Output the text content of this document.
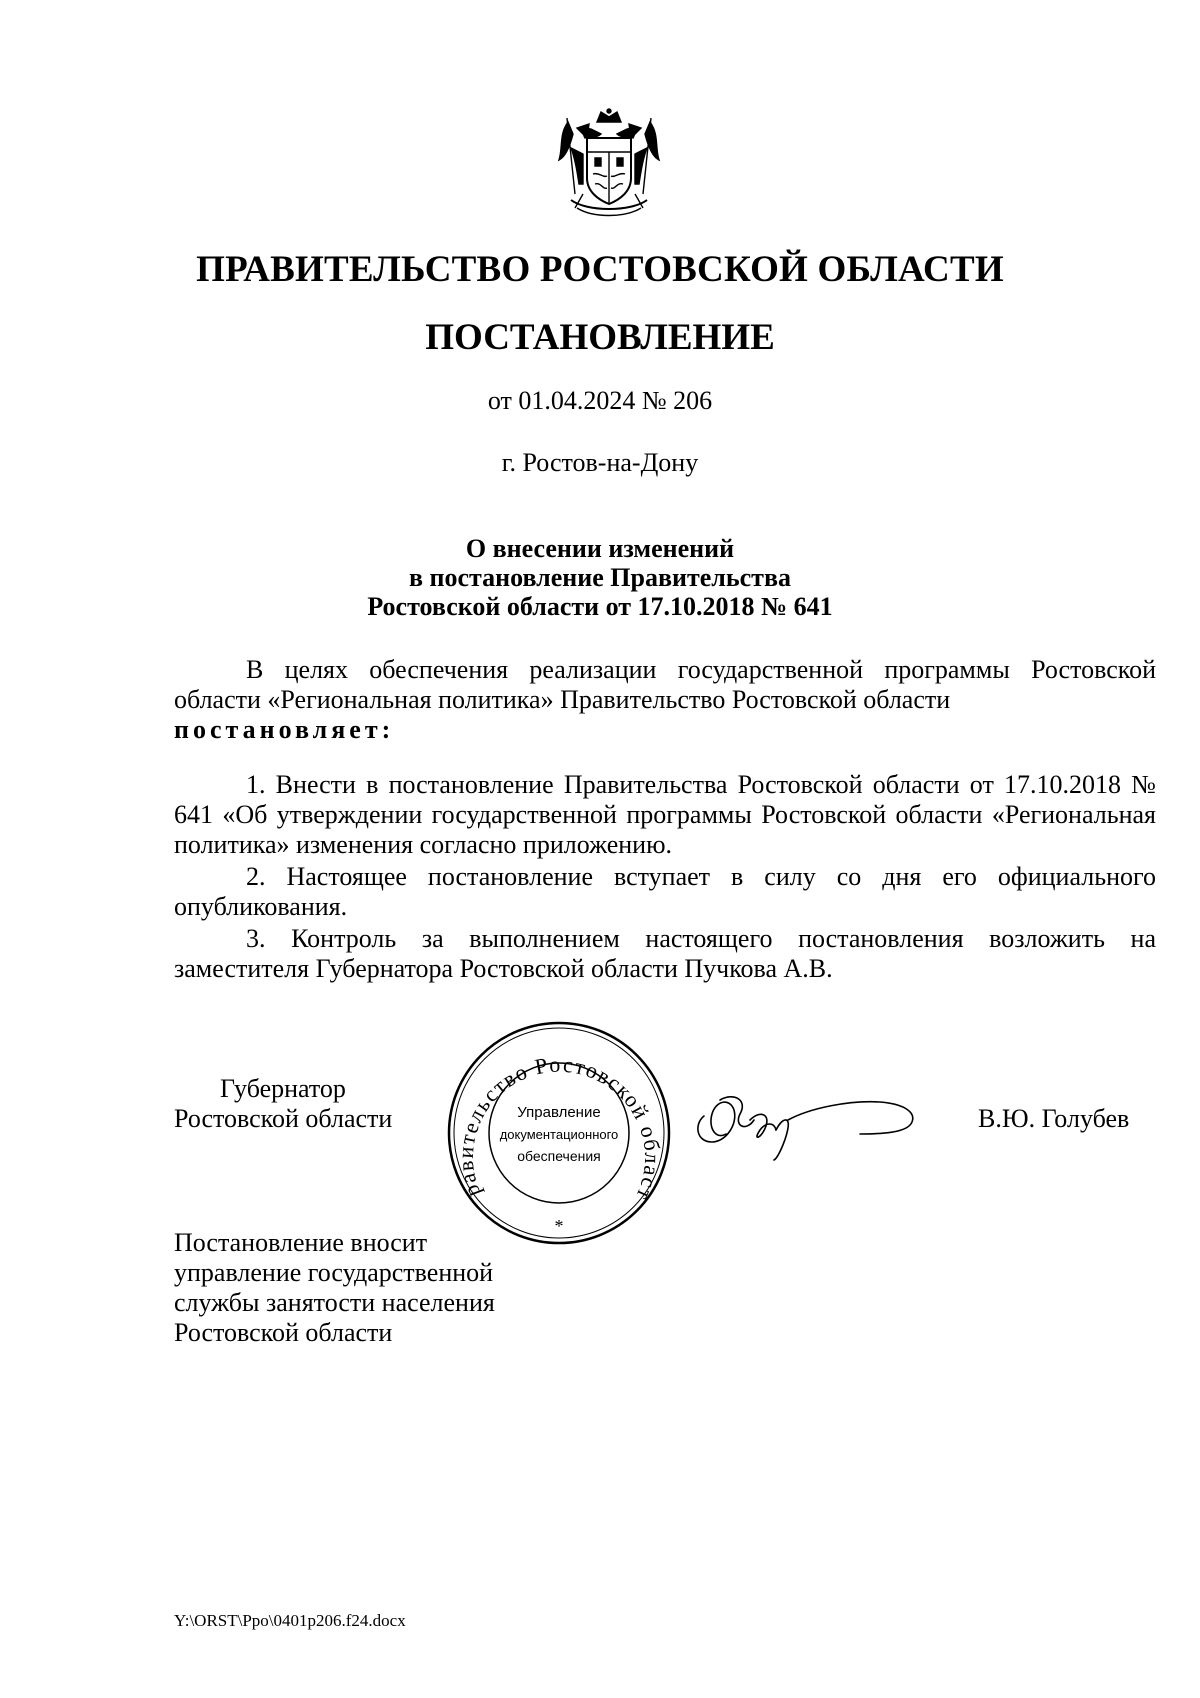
ПРАВИТЕЛЬСТВО РОСТОВСКОЙ ОБЛАСТИ
ПОСТАНОВЛЕНИЕ
от 01.04.2024 № 206
г. Ростов-на-Дону
О внесении изменений
в постановление Правительства
Ростовской области от 17.10.2018 № 641

В целях обеспечения реализации государственной программы Ростовской области «Региональная политика» Правительство Ростовской области
постановляет:

1. Внести в постановление Правительства Ростовской области от 17.10.2018 № 641 «Об утверждении государственной программы Ростовской области «Региональная политика» изменения согласно приложению.

2. Настоящее постановление вступает в силу со дня его официального опубликования.

3. Контроль за выполнением настоящего постановления возложить на заместителя Губернатора Ростовской области Пучкова А.В.

Губернатор
Ростовской области
равительство Ростовской област
Управление
документационного
обеспечения
*
В.Ю. Голубев
Постановление вносит
управление государственной
службы занятости населения
Ростовской области
Y:\ORST\Ppo\0401p206.f24.docx
